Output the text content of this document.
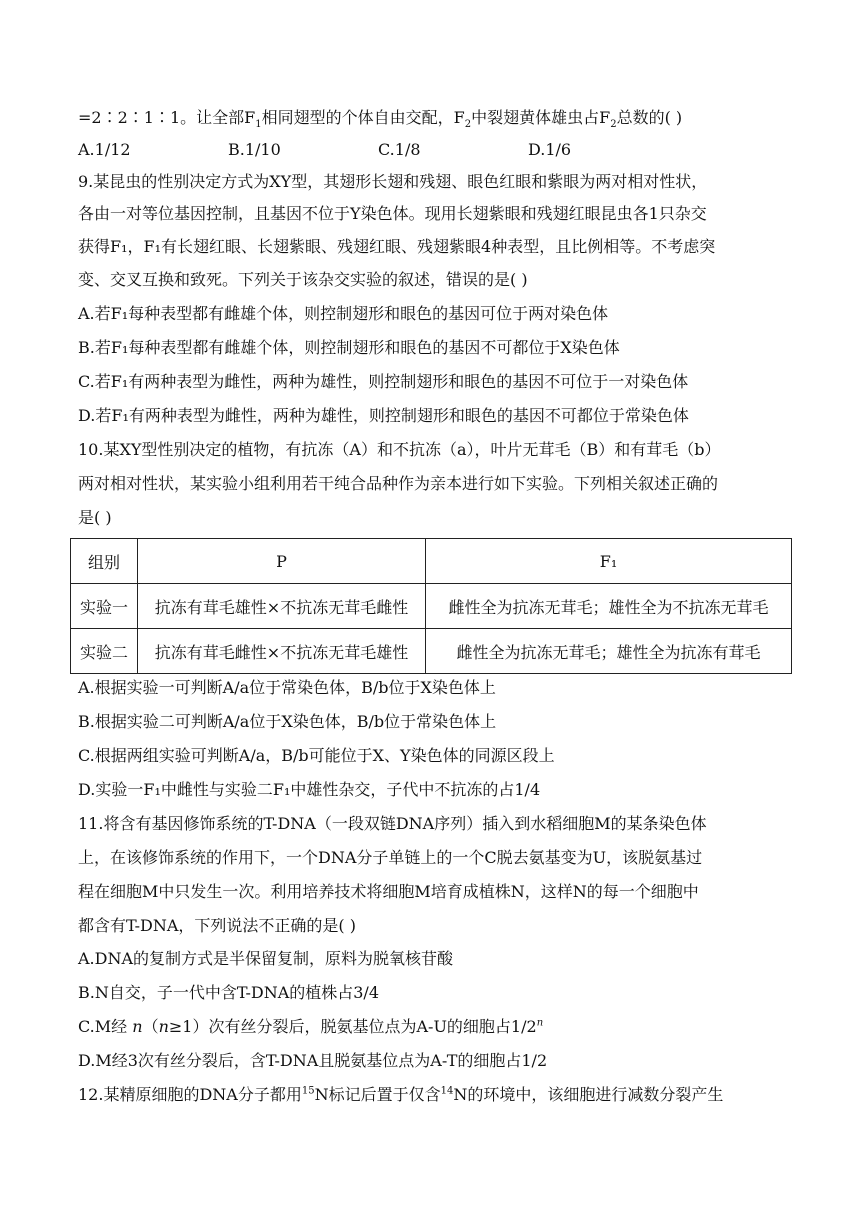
=2∶2∶1∶1。让全部$F_1$相同翅型的个体自由交配，$F_2$中裂翅黄体雄虫占$F_2$总数的( )
A.1/12	B.1/10	C.1/8	D.1/6
9.某昆虫的性别决定方式为XY型，其翅形长翅和残翅、眼色红眼和紫眼为两对相对性状，
各由一对等位基因控制，且基因不位于Y染色体。现用长翅紫眼和残翅红眼昆虫各1只杂交
获得F₁，F₁有长翅红眼、长翅紫眼、残翅红眼、残翅紫眼4种表型，且比例相等。不考虑突
变、交叉互换和致死。下列关于该杂交实验的叙述，错误的是( )
A.若F₁每种表型都有雌雄个体，则控制翅形和眼色的基因可位于两对染色体
B.若F₁每种表型都有雌雄个体，则控制翅形和眼色的基因不可都位于X染色体
C.若F₁有两种表型为雌性，两种为雄性，则控制翅形和眼色的基因不可位于一对染色体
D.若F₁有两种表型为雌性，两种为雄性，则控制翅形和眼色的基因不可都位于常染色体
10.某XY型性别决定的植物，有抗冻（A）和不抗冻（a），叶片无茸毛（B）和有茸毛（b）
两对相对性状，某实验小组利用若干纯合品种作为亲本进行如下实验。下列相关叙述正确的
是( )
组别	P	F₁
实验一	抗冻有茸毛雄性×不抗冻无茸毛雌性	雌性全为抗冻无茸毛；雄性全为不抗冻无茸毛
实验二	抗冻有茸毛雌性×不抗冻无茸毛雄性	雌性全为抗冻无茸毛；雄性全为抗冻有茸毛
A.根据实验一可判断A/a位于常染色体，B/b位于X染色体上
B.根据实验二可判断A/a位于X染色体，B/b位于常染色体上
C.根据两组实验可判断A/a，B/b可能位于X、Y染色体的同源区段上
D.实验一F₁中雌性与实验二F₁中雄性杂交，子代中不抗冻的占1/4
11.将含有基因修饰系统的T-DNA（一段双链DNA序列）插入到水稻细胞M的某条染色体
上，在该修饰系统的作用下，一个DNA分子单链上的一个C脱去氨基变为U，该脱氨基过
程在细胞M中只发生一次。利用培养技术将细胞M培育成植株N，这样N的每一个细胞中
都含有T-DNA，下列说法不正确的是( )
A.DNA的复制方式是半保留复制，原料为脱氧核苷酸
B.N自交，子一代中含T-DNA的植株占3/4
C.M经 n（n≥1）次有丝分裂后，脱氨基位点为A-U的细胞占1/2$^n$
D.M经3次有丝分裂后，含T-DNA且脱氨基位点为A-T的细胞占1/2
12.某精原细胞的DNA分子都用$^{15}$N标记后置于仅含$^{14}$N的环境中，该细胞进行减数分裂产生
